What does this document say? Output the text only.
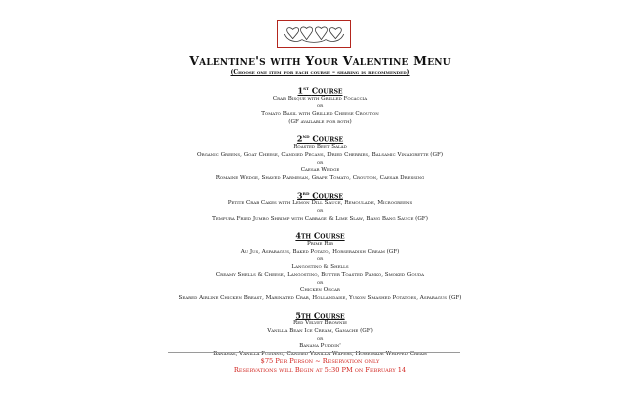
Valentine's with Your Valentine Menu
(Choose one item for each course – sharing is recommended)
1st Course
Crab Bisque with Grilled Focaccia
or
Tomato Basil with Grilled Cheese Crouton
(GF available for both)
2nd Course
Roasted Beet Salad
Organic Greens, Goat Cheese, Candied Pecans, Dried Cherries, Balsamic Vinaigrette (GF)
or
Caesar Wedge
Romaine Wedge, Shaved Parmesan, Grape Tomato, Crouton, Caesar Dressing
3rd Course
Petite Crab Cakes with Lemon Dill Sauce, Remoulade, Microgreens
or
Tempura Fried Jumbo Shrimp with Cabbage & Lime Slaw, Bang Bang Sauce (GF)
4th Course
Prime Rib
Au Jus, Asparagus, Baked Potato, Horseradish Cream (GF)
or
Langostino & Shells
Creamy Shells & Cheese, Langostino, Butter Toasted Panko, Smoked Gouda
or
Chicken Oscar
Seared Airline Chicken Breast, Marinated Crab, Hollandaise, Yukon Smashed Potatoes, Asparagus (GF)
5th Course
Red Velvet Brownie
Vanilla Bean Ice Cream, Ganache (GF)
or
Banana Puddin'
Bananas, Vanilla Pudding, Candied Vanilla Wafers, Homemade Whipped Cream
$75 Per Person ~ Reservation only
Reservations will Begin at 5:30 PM on February 14
